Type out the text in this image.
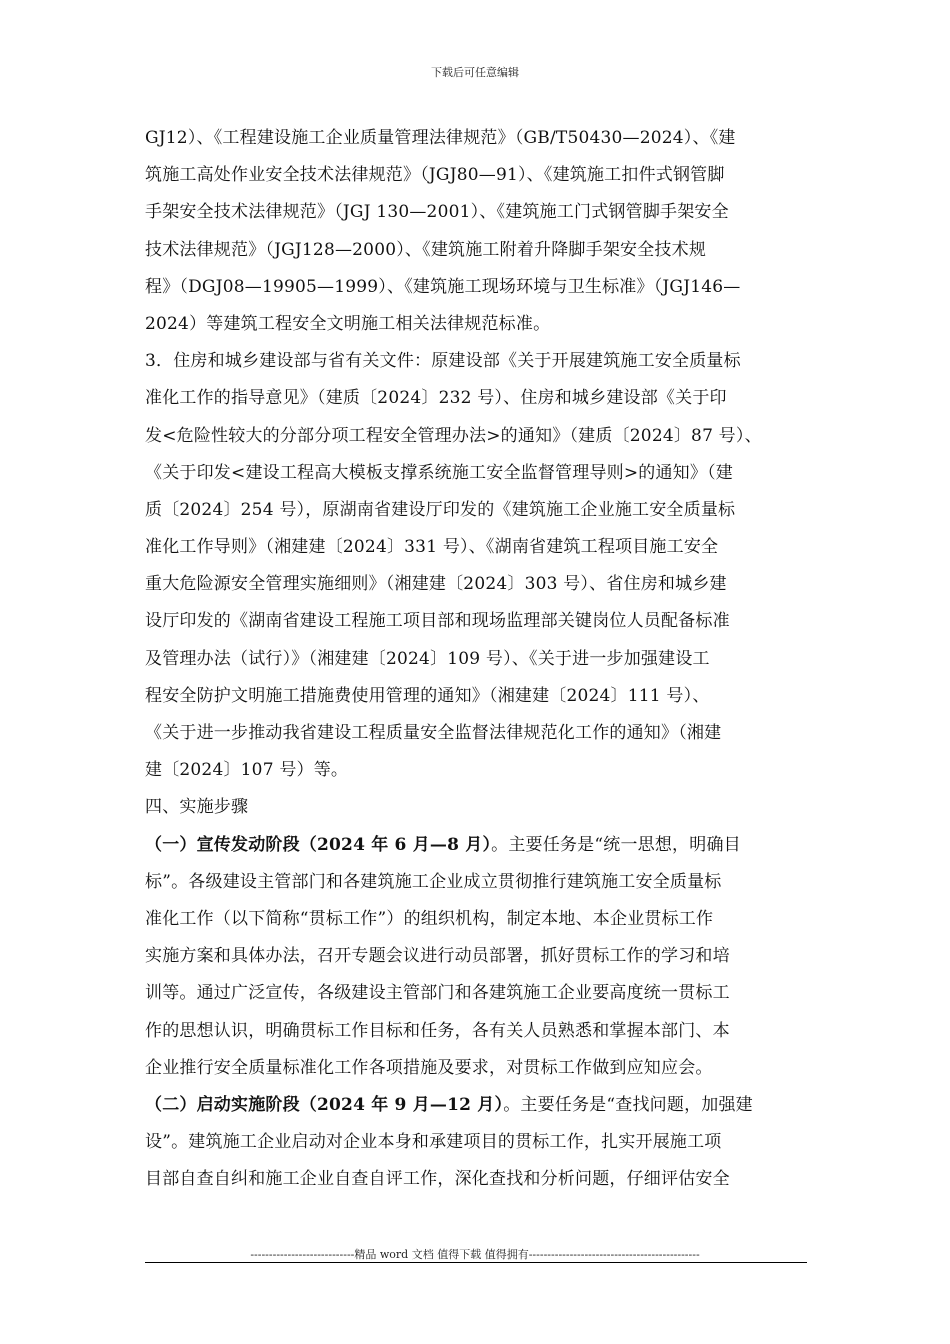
下载后可任意编辑
GJ12）、《工程建设施工企业质量管理法律规范》（GB/T50430—2024）、《建
筑施工高处作业安全技术法律规范》（JGJ80—91）、《建筑施工扣件式钢管脚
手架安全技术法律规范》（JGJ 130—2001）、《建筑施工门式钢管脚手架安全
技术法律规范》（JGJ128—2000）、《建筑施工附着升降脚手架安全技术规
程》（DGJ08—19905—1999）、《建筑施工现场环境与卫生标准》（JGJ146—
2024）等建筑工程安全文明施工相关法律规范标准。
3．住房和城乡建设部与省有关文件：原建设部《关于开展建筑施工安全质量标
准化工作的指导意见》（建质〔2024〕232 号）、住房和城乡建设部《关于印
发<危险性较大的分部分项工程安全管理办法>的通知》（建质〔2024〕87 号）、
《关于印发<建设工程高大模板支撑系统施工安全监督管理导则>的通知》（建
质〔2024〕254 号），原湖南省建设厅印发的《建筑施工企业施工安全质量标
准化工作导则》（湘建建〔2024〕331 号）、《湖南省建筑工程项目施工安全
重大危险源安全管理实施细则》（湘建建〔2024〕303 号）、省住房和城乡建
设厅印发的《湖南省建设工程施工项目部和现场监理部关键岗位人员配备标准
及管理办法（试行）》（湘建建〔2024〕109 号）、《关于进一步加强建设工
程安全防护文明施工措施费使用管理的通知》（湘建建〔2024〕111 号）、
《关于进一步推动我省建设工程质量安全监督法律规范化工作的通知》（湘建
建〔2024〕107 号）等。
四、实施步骤
（一）宣传发动阶段（2024 年 6 月—8 月）。主要任务是“统一思想，明确目
标”。各级建设主管部门和各建筑施工企业成立贯彻推行建筑施工安全质量标
准化工作（以下简称“贯标工作”）的组织机构，制定本地、本企业贯标工作
实施方案和具体办法，召开专题会议进行动员部署，抓好贯标工作的学习和培
训等。通过广泛宣传，各级建设主管部门和各建筑施工企业要高度统一贯标工
作的思想认识，明确贯标工作目标和任务，各有关人员熟悉和掌握本部门、本
企业推行安全质量标准化工作各项措施及要求，对贯标工作做到应知应会。
（二）启动实施阶段（2024 年 9 月—12 月）。主要任务是“查找问题，加强建
设”。建筑施工企业启动对企业本身和承建项目的贯标工作，扎实开展施工项
目部自查自纠和施工企业自查自评工作，深化查找和分析问题，仔细评估安全
----------------------------精品 word 文档 值得下载 值得拥有----------------------------------------------
